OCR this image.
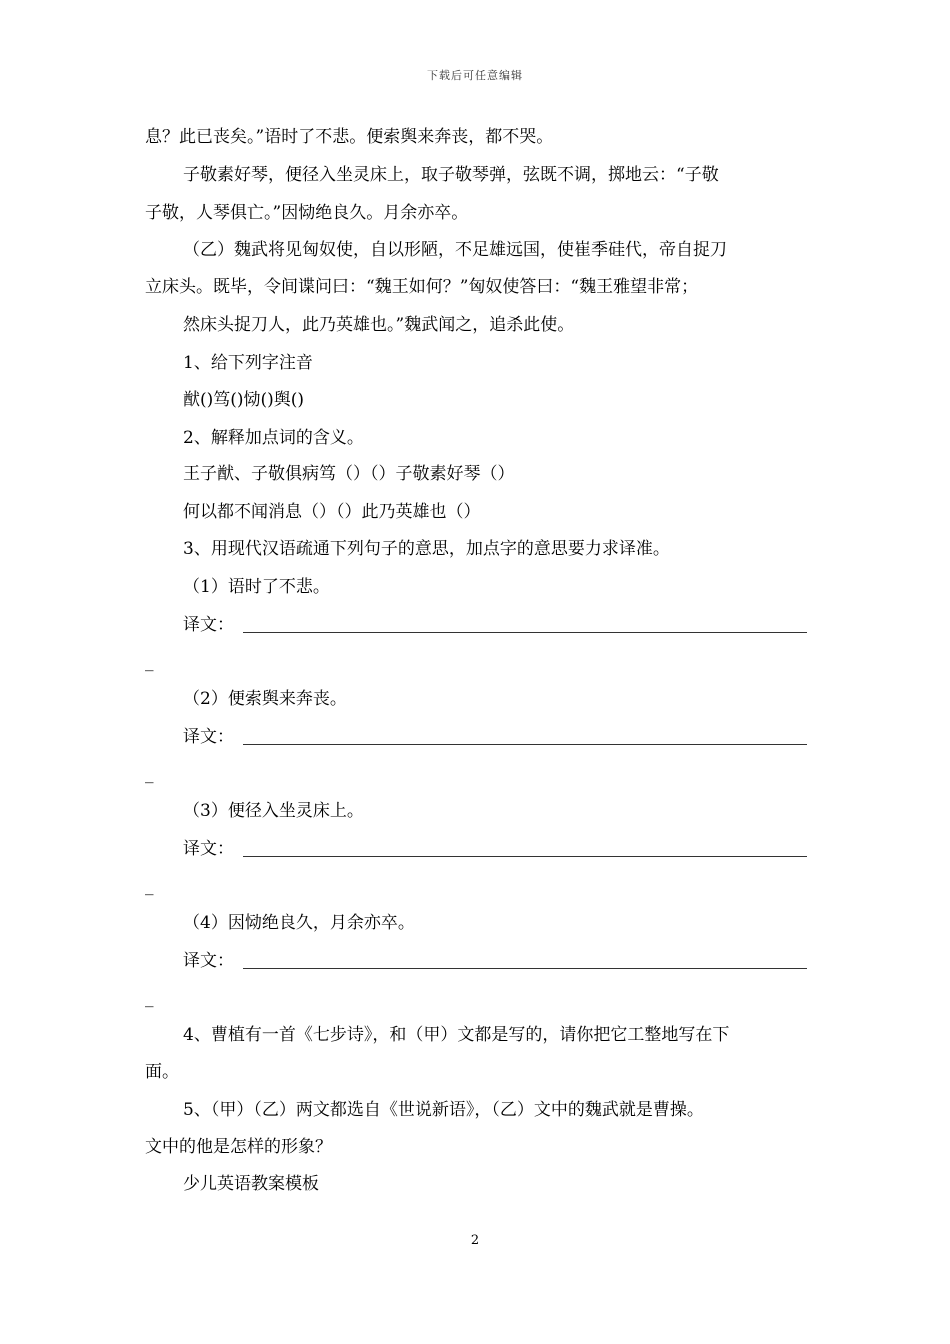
下载后可任意编辑
息？此已丧矣。”语时了不悲。便索舆来奔丧，都不哭。
子敬素好琴，便径入坐灵床上，取子敬琴弹，弦既不调，掷地云：“子敬
子敬，人琴俱亡。”因恸绝良久。月余亦卒。
（乙）魏武将见匈奴使，自以形陋，不足雄远国，使崔季硅代，帝自捉刀
立床头。既毕，令间谍问曰：“魏王如何？”匈奴使答曰：“魏王雅望非常；
然床头捉刀人，此乃英雄也。”魏武闻之，追杀此使。
1、给下列字注音
猷()笃()恸()舆()
2、解释加点词的含义。
王子猷、子敬俱病笃（）（）子敬素好琴（）
何以都不闻消息（）（）此乃英雄也（）
3、用现代汉语疏通下列句子的意思，加点字的意思要力求译准。
（1）语时了不悲。
译文：
_
（2）便索舆来奔丧。
译文：
_
（3）便径入坐灵床上。
译文：
_
（4）因恸绝良久，月余亦卒。
译文：
_
4、曹植有一首《七步诗》，和（甲）文都是写的，请你把它工整地写在下
面。
5、（甲）（乙）两文都选自《世说新语》，（乙）文中的魏武就是曹操。
文中的他是怎样的形象？
少儿英语教案模板
2
